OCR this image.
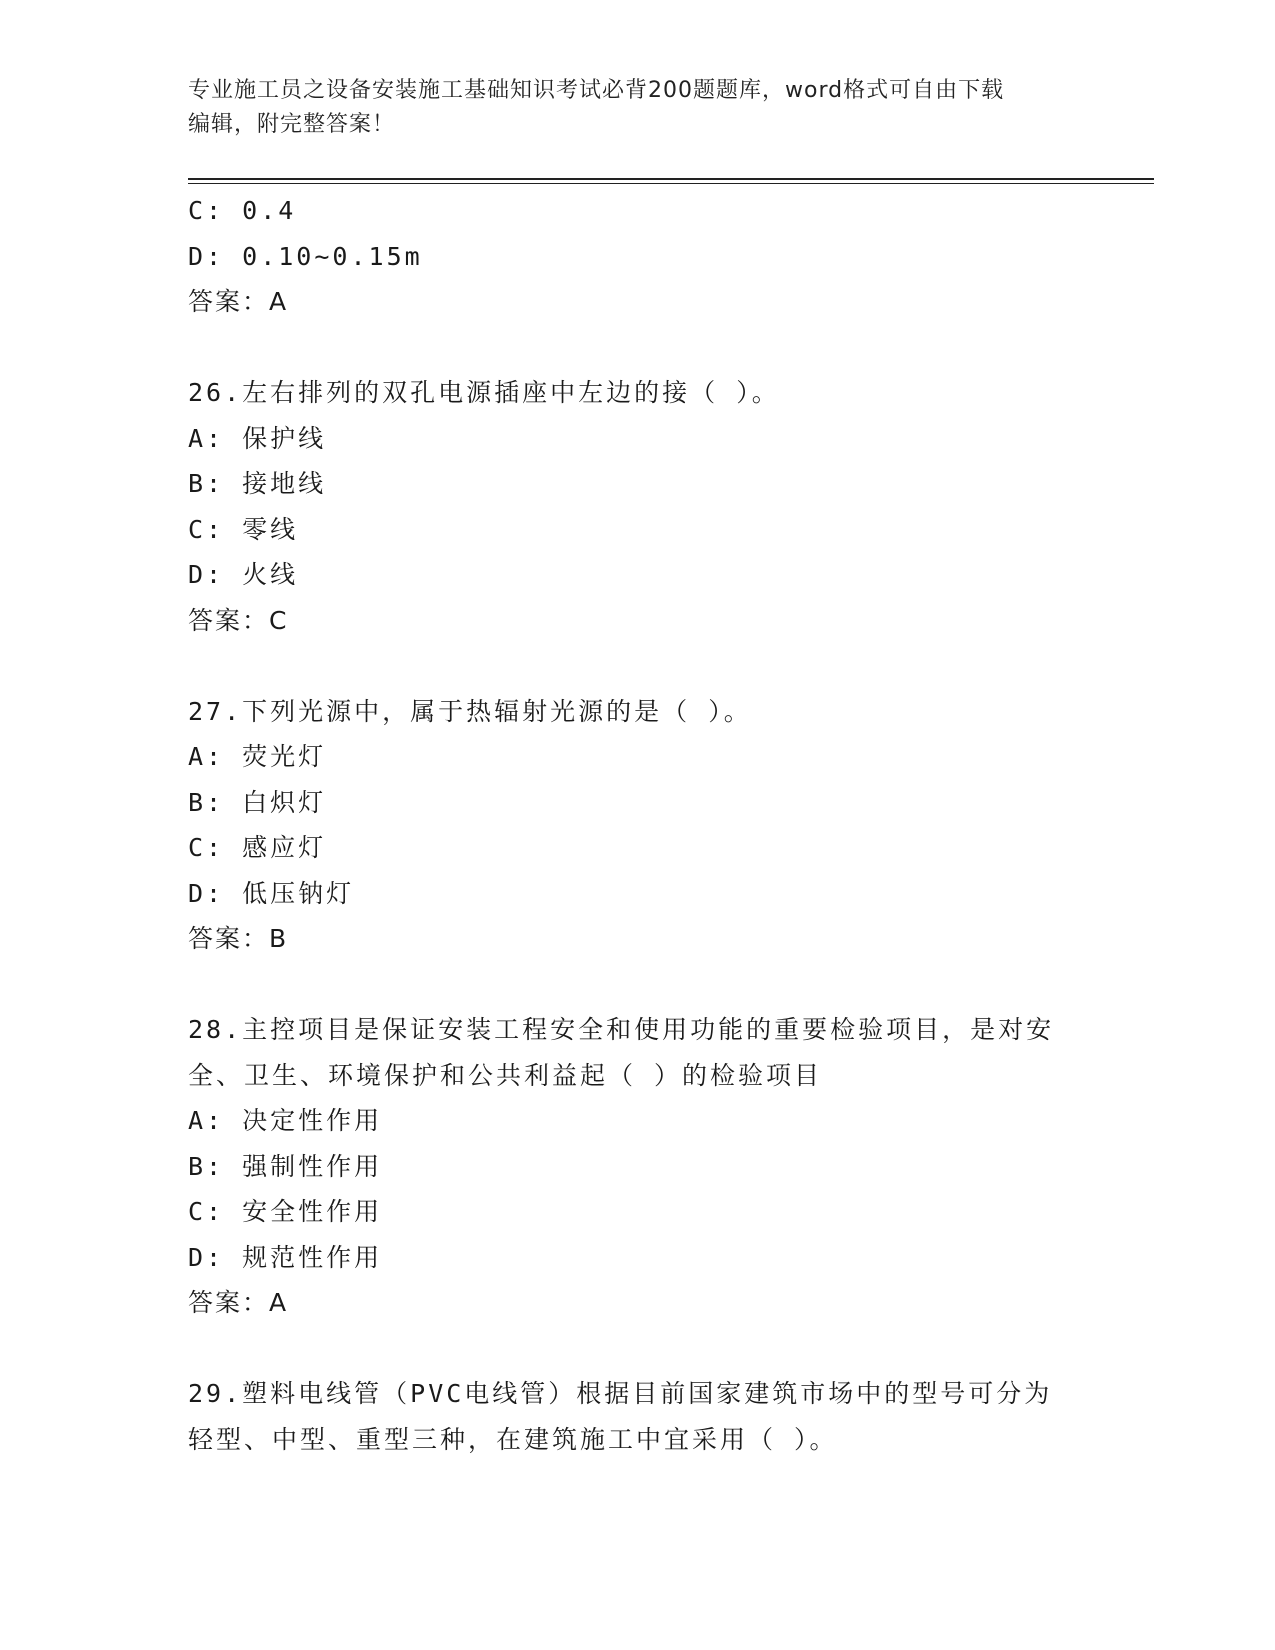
专业施工员之设备安装施工基础知识考试必背200题题库，word格式可自由下载
编辑，附完整答案！
C: 0.4
D: 0.10~0.15m
答案：A
26.左右排列的双孔电源插座中左边的接（ ）。
A: 保护线
B: 接地线
C: 零线
D: 火线
答案：C
27.下列光源中，属于热辐射光源的是（ ）。
A: 荧光灯
B: 白炽灯
C: 感应灯
D: 低压钠灯
答案：B
28.主控项目是保证安装工程安全和使用功能的重要检验项目，是对安
全、卫生、环境保护和公共利益起（ ）的检验项目
A: 决定性作用
B: 强制性作用
C: 安全性作用
D: 规范性作用
答案：A
29.塑料电线管（PVC电线管）根据目前国家建筑市场中的型号可分为
轻型、中型、重型三种，在建筑施工中宜采用（ ）。
